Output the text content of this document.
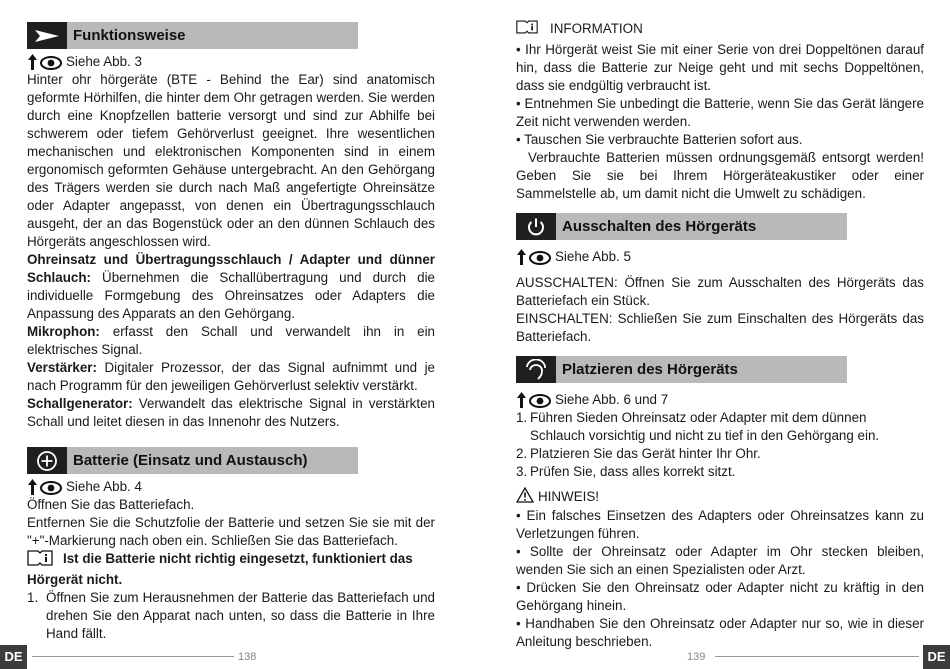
Funktionsweise
Siehe Abb. 3

Hinter ohr hörgeräte (BTE - Behind the Ear) sind anatomisch geformte Hörhilfen, die hinter dem Ohr getragen werden. Sie werden durch eine Knopfzellen batterie versorgt und sind zur Abhilfe bei schwerem oder tiefem Gehörverlust geeignet. Ihre wesentlichen mechanischen und elektronischen Komponenten sind in einem ergonomisch geformten Gehäuse untergebracht. An den Gehörgang des Trägers werden sie durch nach Maß angefertigte Ohreinsätze oder Adapter angepasst, von denen ein Übertragungsschlauch ausgeht, der an das Bogenstück oder an den dünnen Schlauch des Hörgeräts angeschlossen wird.

Ohreinsatz und Übertragungsschlauch / Adapter und dünner Schlauch: Übernehmen die Schallübertragung und durch die individuelle Formgebung des Ohreinsatzes oder Adapters die Anpassung des Apparats an den Gehörgang.

Mikrophon: erfasst den Schall und verwandelt ihn in ein elektrisches Signal.

Verstärker: Digitaler Prozessor, der das Signal aufnimmt und je nach Programm für den jeweiligen Gehörverlust selektiv verstärkt.

Schallgenerator: Verwandelt das elektrische Signal in verstärkten Schall und leitet diesen in das Innenohr des Nutzers.

Batterie (Einsatz und Austausch)
Siehe Abb. 4

Öffnen Sie das Batteriefach.

Entfernen Sie die Schutzfolie der Batterie und setzen Sie sie mit der "+"-Markierung nach oben ein. Schließen Sie das Batteriefach.

Ist die Batterie nicht richtig eingesetzt, funktioniert das

Hörgerät nicht.

1. Öffnen Sie zum Herausnehmen der Batterie das Batteriefach und drehen Sie den Apparat nach unten, so dass die Batterie in Ihre Hand fällt.
INFORMATION

• Ihr Hörgerät weist Sie mit einer Serie von drei Doppeltönen darauf hin, dass die Batterie zur Neige geht und mit sechs Doppeltönen, dass sie endgültig verbraucht ist.

• Entnehmen Sie unbedingt die Batterie, wenn Sie das Gerät längere Zeit nicht verwenden werden.

• Tauschen Sie verbrauchte Batterien sofort aus.

Verbrauchte Batterien müssen ordnungsgemäß entsorgt werden! Geben Sie sie bei Ihrem Hörgeräteakustiker oder einer Sammelstelle ab, um damit nicht die Umwelt zu schädigen.

Ausschalten des Hörgeräts
Siehe Abb. 5

AUSSCHALTEN: Öffnen Sie zum Ausschalten des Hörgeräts das Batteriefach ein Stück.

EINSCHALTEN: Schließen Sie zum Einschalten des Hörgeräts das Batteriefach.

Platzieren des Hörgeräts
Siehe Abb. 6 und 7
1. Führen Sieden Ohreinsatz oder Adapter mit dem dünnen Schlauch vorsichtig und nicht zu tief in den Gehörgang ein.
2. Platzieren Sie das Gerät hinter Ihr Ohr.
3. Prüfen Sie, dass alles korrekt sitzt.
HINWEIS!

• Ein falsches Einsetzen des Adapters oder Ohreinsatzes kann zu Verletzungen führen.

• Sollte der Ohreinsatz oder Adapter im Ohr stecken bleiben, wenden Sie sich an einen Spezialisten oder Arzt.

• Drücken Sie den Ohreinsatz oder Adapter nicht zu kräftig in den Gehörgang hinein.

• Handhaben Sie den Ohreinsatz oder Adapter nur so, wie in dieser Anleitung beschrieben.

DE	138	139	DE
